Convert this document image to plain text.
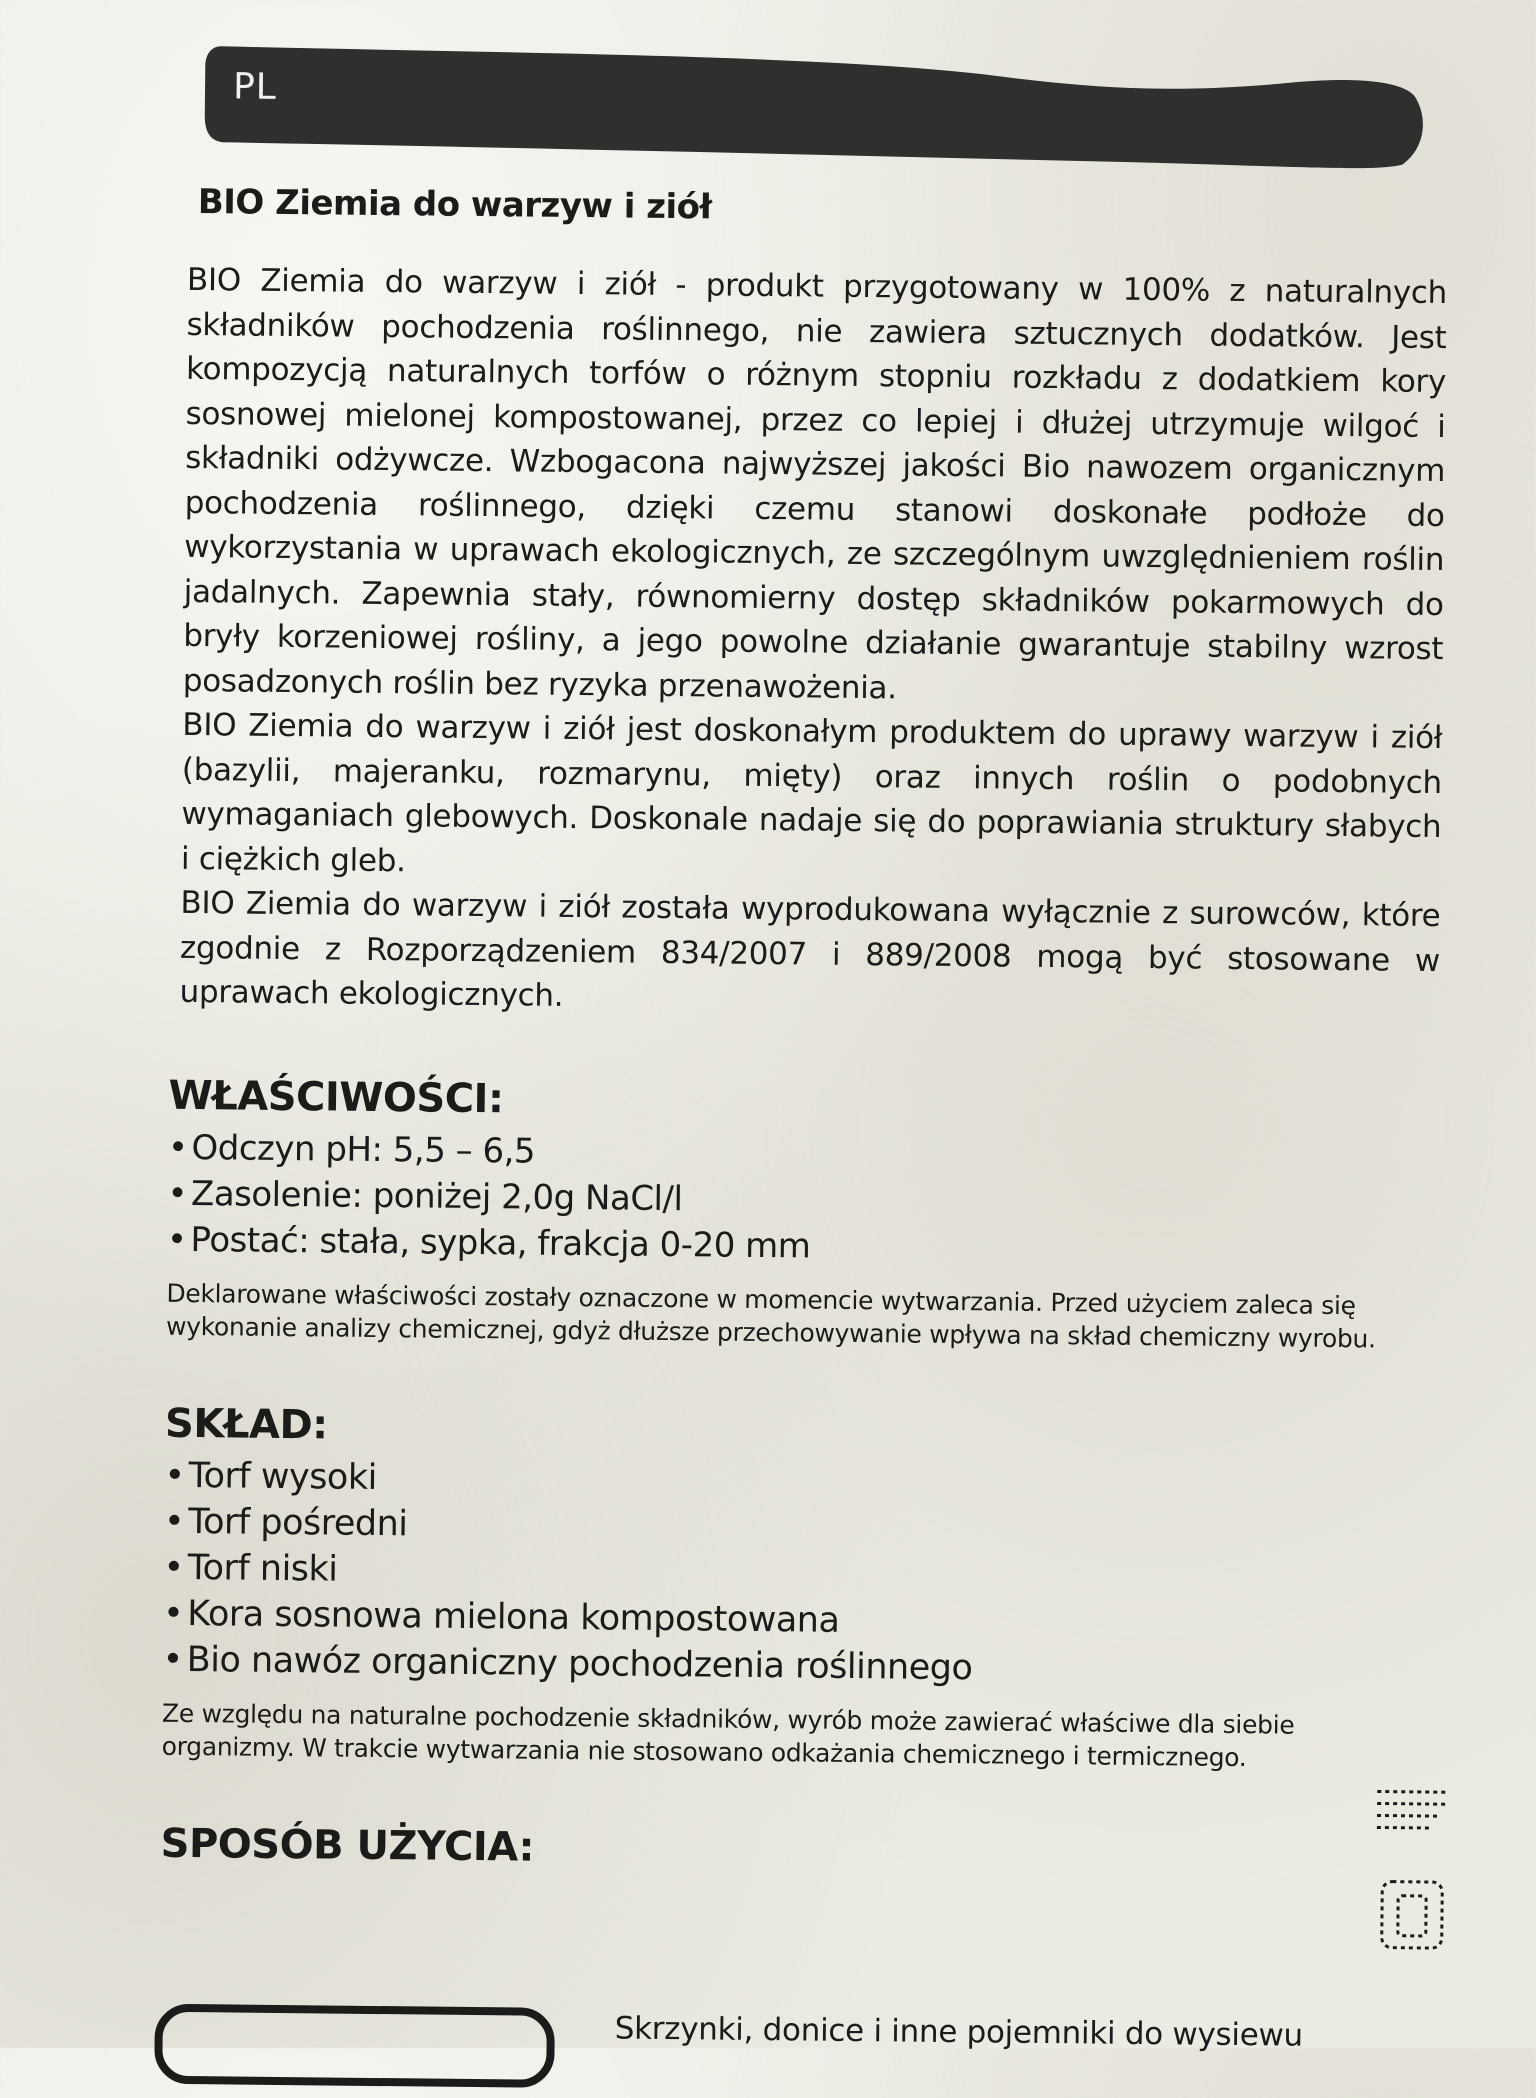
PL
BIO Ziemia do warzyw i ziół

BIO Ziemia do warzyw i ziół - produkt przygotowany w 100% z naturalnych składników pochodzenia roślinnego, nie zawiera sztucznych dodatków. Jest kompozycją naturalnych torfów o różnym stopniu rozkładu z dodatkiem kory sosnowej mielonej kompostowanej, przez co lepiej i dłużej utrzymuje wilgoć i składniki odżywcze. Wzbogacona najwyższej jakości Bio nawozem organicznym pochodzenia roślinnego, dzięki czemu stanowi doskonałe podłoże do wykorzystania w uprawach ekologicznych, ze szczególnym uwzględnieniem roślin jadalnych. Zapewnia stały, równomierny dostęp składników pokarmowych do bryły korzeniowej rośliny, a jego powolne działanie gwarantuje stabilny wzrost posadzonych roślin bez ryzyka przenawożenia.

BIO Ziemia do warzyw i ziół jest doskonałym produktem do uprawy warzyw i ziół (bazylii, majeranku, rozmarynu, mięty) oraz innych roślin o podobnych wymaganiach glebowych. Doskonale nadaje się do poprawiania struktury słabych i ciężkich gleb.

BIO Ziemia do warzyw i ziół została wyprodukowana wyłącznie z surowców, które zgodnie z Rozporządzeniem 834/2007 i 889/2008 mogą być stosowane w uprawach ekologicznych.

WŁAŚCIWOŚCI:
• Odczyn pH: 5,5 – 6,5
• Zasolenie: poniżej 2,0g NaCl/l
• Postać: stała, sypka, frakcja 0-20 mm

Deklarowane właściwości zostały oznaczone w momencie wytwarzania. Przed użyciem zaleca się wykonanie analizy chemicznej, gdyż dłuższe przechowywanie wpływa na skład chemiczny wyrobu.

SKŁAD:
• Torf wysoki
• Torf pośredni
• Torf niski
• Kora sosnowa mielona kompostowana
• Bio nawóz organiczny pochodzenia roślinnego

Ze względu na naturalne pochodzenie składników, wyrób może zawierać właściwe dla siebie organizmy. W trakcie wytwarzania nie stosowano odkażania chemicznego i termicznego.

SPOSÓB UŻYCIA:
Skrzynki, donice i inne pojemniki do wysiewu
